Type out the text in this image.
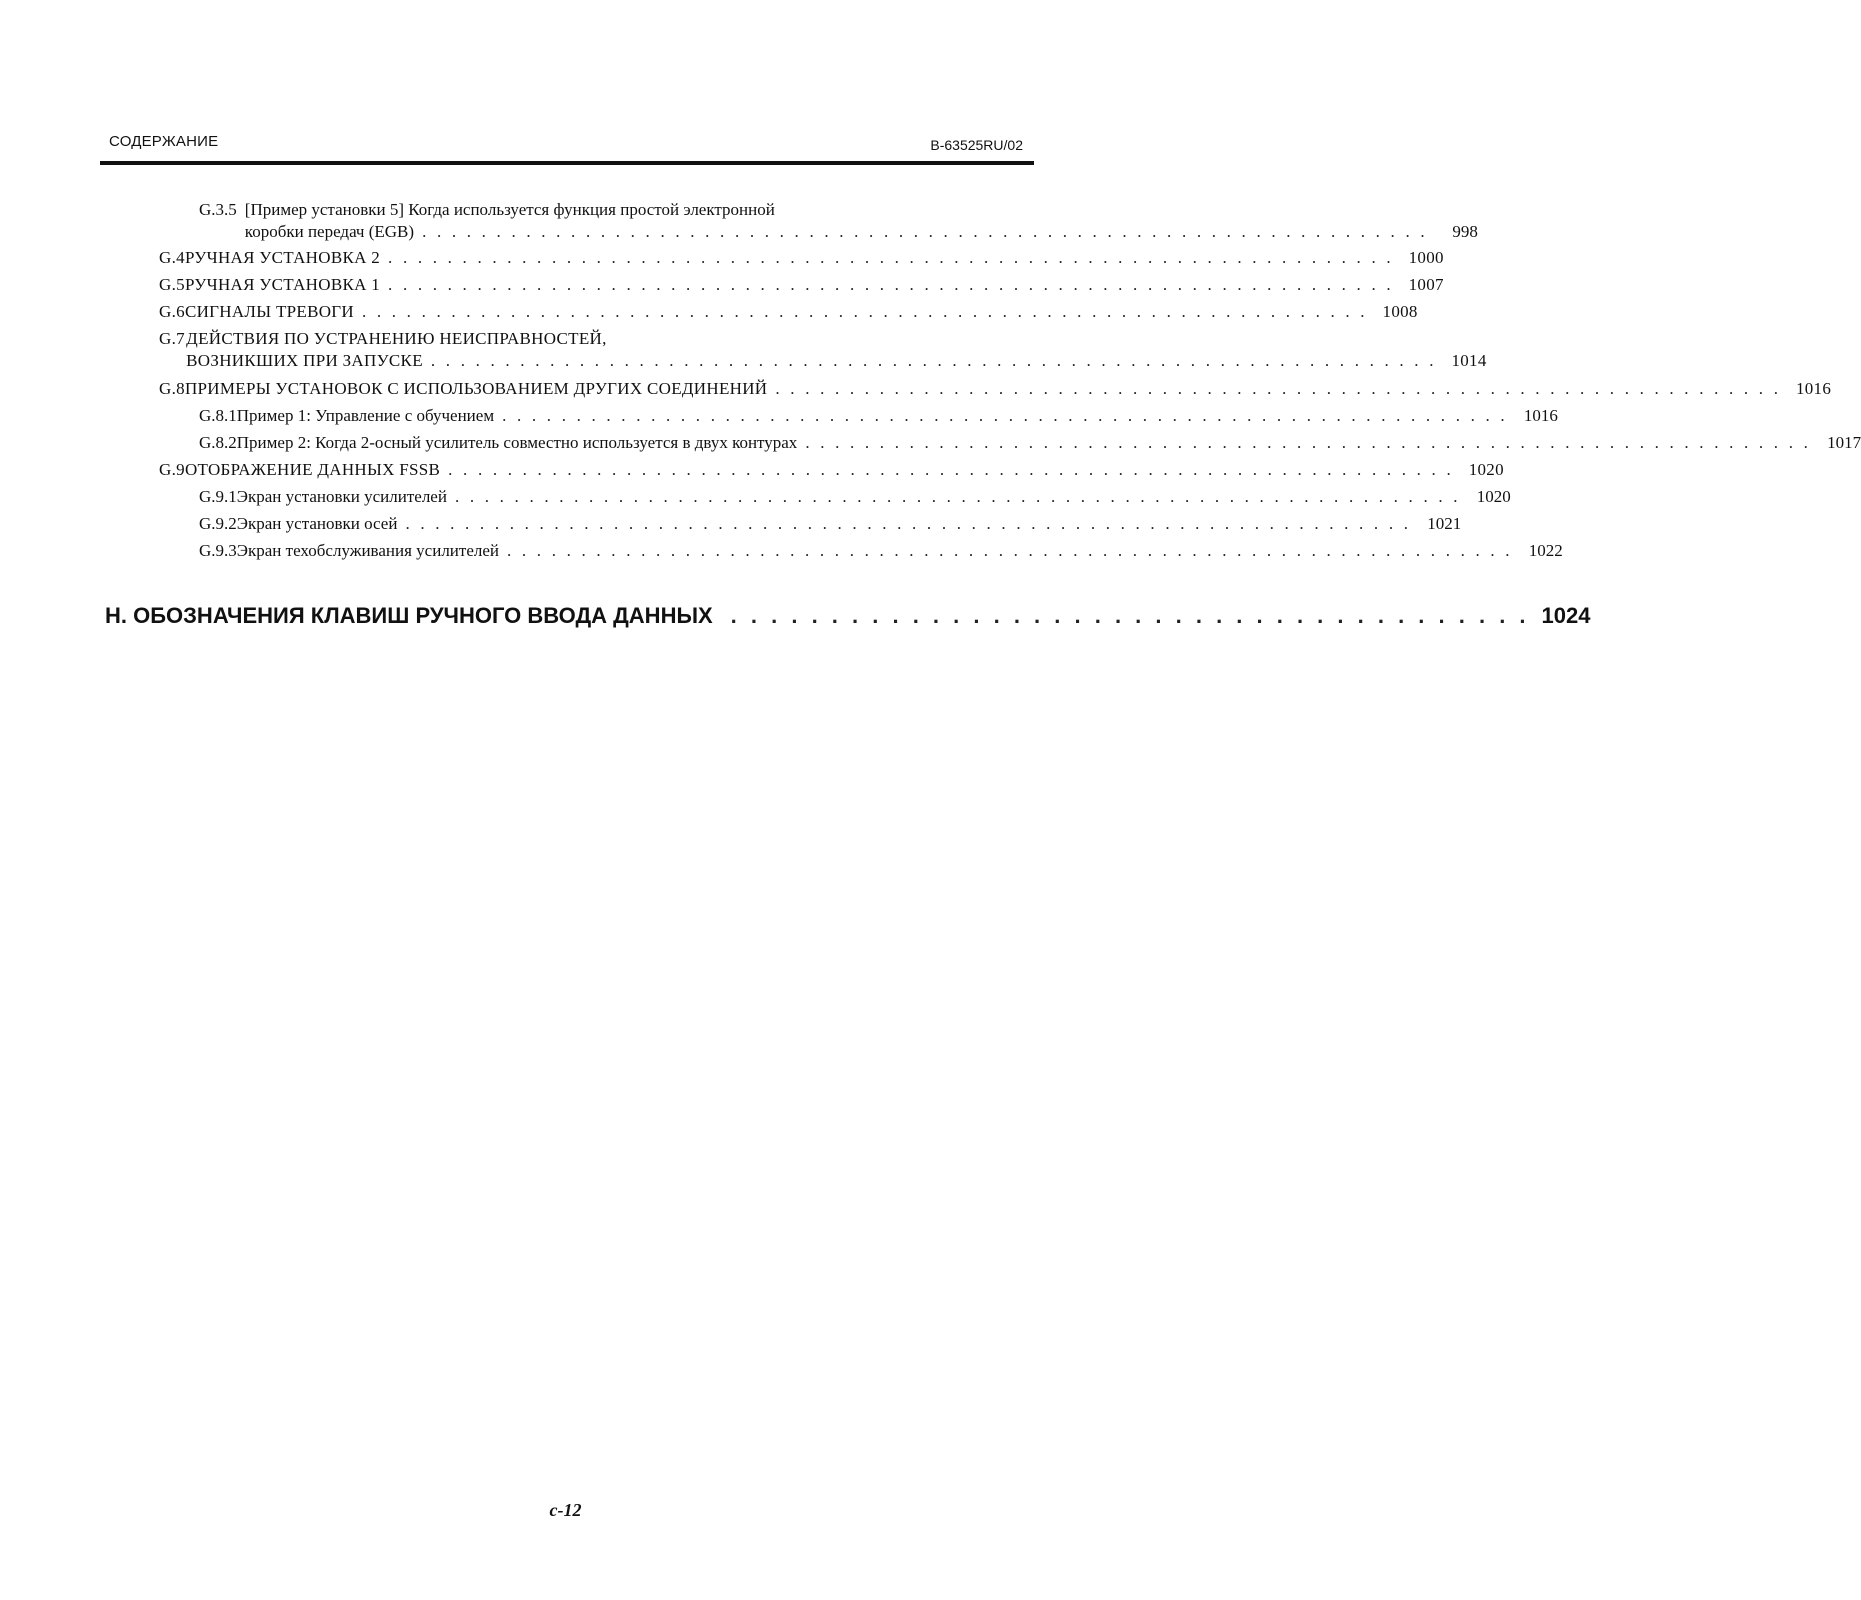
СОДЕРЖАНИЕ	B-63525RU/02
G.3.5 [Пример установки 5] Когда используется функция простой электронной
коробки передач (EGB) . . . . . . . . . . . . . . . . . . . . . . . . . . . . . . . . . . . . . . . . . . . . . . . . . . . . . . . . . . . . . . . . . . . .	998
G.4 РУЧНАЯ УСТАНОВКА 2 . . . . . . . . . . . . . . . . . . . . . . . . . . . . . . . . . . . . . . . . . . . . . . . . . . . . . . . . . . . . . . . . . . . . 1000
G.5 РУЧНАЯ УСТАНОВКА 1 . . . . . . . . . . . . . . . . . . . . . . . . . . . . . . . . . . . . . . . . . . . . . . . . . . . . . . . . . . . . . . . . . . . . 1007
G.6 СИГНАЛЫ ТРЕВОГИ . . . . . . . . . . . . . . . . . . . . . . . . . . . . . . . . . . . . . . . . . . . . . . . . . . . . . . . . . . . . . . . . . . . . 1008
G.7 ДЕЙСТВИЯ ПО УСТРАНЕНИЮ НЕИСПРАВНОСТЕЙ,
ВОЗНИКШИХ ПРИ ЗАПУСКЕ . . . . . . . . . . . . . . . . . . . . . . . . . . . . . . . . . . . . . . . . . . . . . . . . . . . . . . . . . . . . . . . . . . . . 1014
G.8 ПРИМЕРЫ УСТАНОВОК С ИСПОЛЬЗОВАНИЕМ ДРУГИХ СОЕДИНЕНИЙ . . . . . . . . . . . . . . . . . . . . . . . . . . . . . . . . . . . . . . . . . . . . . . . . . . . . . . . . . . . . . . . . . . . . 1016
G.8.1 Пример 1: Управление с обучением . . . . . . . . . . . . . . . . . . . . . . . . . . . . . . . . . . . . . . . . . . . . . . . . . . . . . . . . . . . . . . . . . . . . 1016
G.8.2 Пример 2: Когда 2-осный усилитель совместно используется в двух контурах . . . . . . . . . . . . . . . . . . . . . . . . . . . . . . . . . . . . . . . . . . . . . . . . . . . . . . . . . . . . . . . . . . . . 1017
G.9 ОТОБРАЖЕНИЕ ДАННЫХ FSSB . . . . . . . . . . . . . . . . . . . . . . . . . . . . . . . . . . . . . . . . . . . . . . . . . . . . . . . . . . . . . . . . . . . . 1020
G.9.1 Экран установки усилителей . . . . . . . . . . . . . . . . . . . . . . . . . . . . . . . . . . . . . . . . . . . . . . . . . . . . . . . . . . . . . . . . . . . . 1020
G.9.2 Экран установки осей . . . . . . . . . . . . . . . . . . . . . . . . . . . . . . . . . . . . . . . . . . . . . . . . . . . . . . . . . . . . . . . . . . . . 1021
G.9.3 Экран техобслуживания усилителей . . . . . . . . . . . . . . . . . . . . . . . . . . . . . . . . . . . . . . . . . . . . . . . . . . . . . . . . . . . . . . . . . . . . 1022
H. ОБОЗНАЧЕНИЯ КЛАВИШ РУЧНОГО ВВОДА ДАННЫХ . . . . . . . . . . . . . . . . . . . . . . . . . . . . . . . . . . . . . . . . 1024
c-12
